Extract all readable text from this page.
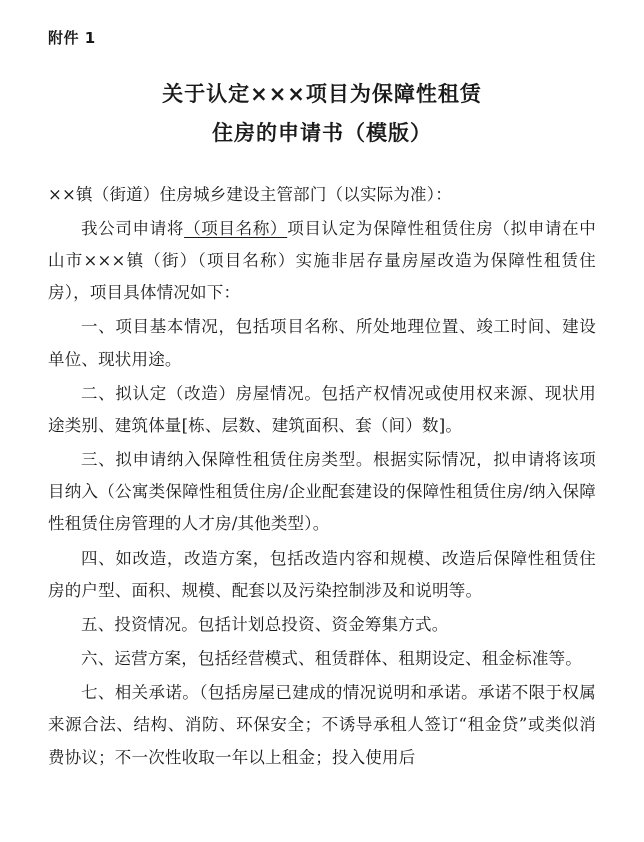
附件 1
关于认定×××项目为保障性租赁
住房的申请书（模版）

××镇（街道）住房城乡建设主管部门（以实际为准）：

我公司申请将（项目名称）项目认定为保障性租赁住房（拟申请在中山市×××镇（街）（项目名称）实施非居存量房屋改造为保障性租赁住房），项目具体情况如下：

一、项目基本情况，包括项目名称、所处地理位置、竣工时间、建设单位、现状用途。

二、拟认定（改造）房屋情况。包括产权情况或使用权来源、现状用途类别、建筑体量[栋、层数、建筑面积、套（间）数]。

三、拟申请纳入保障性租赁住房类型。根据实际情况，拟申请将该项目纳入（公寓类保障性租赁住房/企业配套建设的保障性租赁住房/纳入保障性租赁住房管理的人才房/其他类型）。

四、如改造，改造方案，包括改造内容和规模、改造后保障性租赁住房的户型、面积、规模、配套以及污染控制涉及和说明等。

五、投资情况。包括计划总投资、资金筹集方式。

六、运营方案，包括经营模式、租赁群体、租期设定、租金标准等。

七、相关承诺。（包括房屋已建成的情况说明和承诺。承诺不限于权属来源合法、结构、消防、环保安全；不诱导承租人签订“租金贷”或类似消费协议；不一次性收取一年以上租金；投入使用后
